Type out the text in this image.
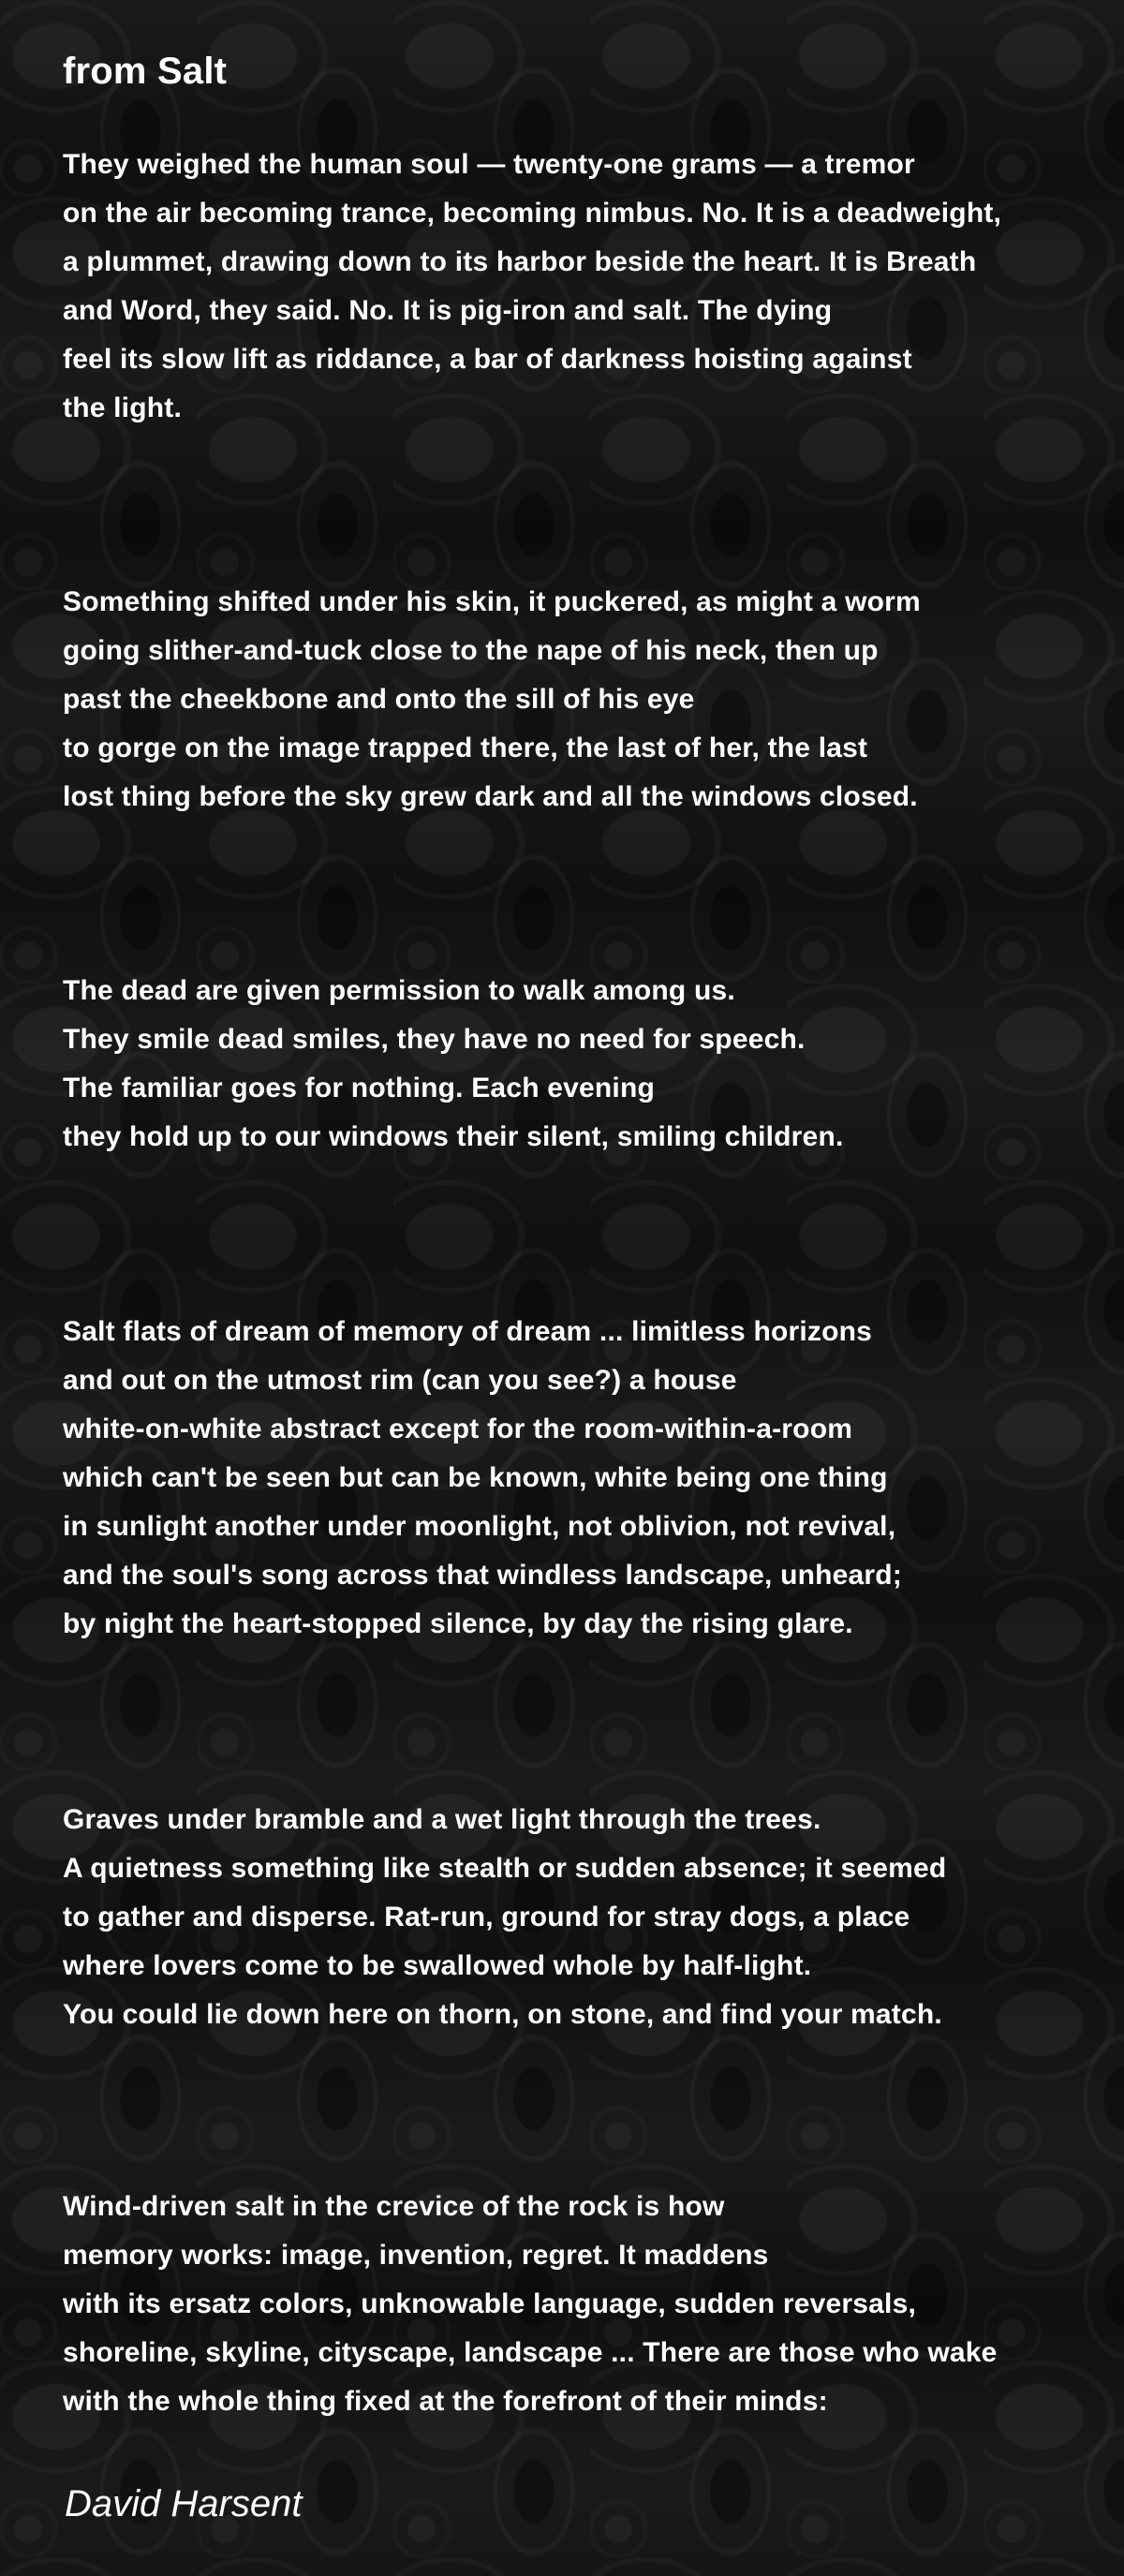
from Salt
They weighed the human soul — twenty-one grams — a tremor
on the air becoming trance, becoming nimbus. No. It is a deadweight,
a plummet, drawing down to its harbor beside the heart. It is Breath
and Word, they said. No. It is pig-iron and salt. The dying
feel its slow lift as riddance, a bar of darkness hoisting against
the light.
Something shifted under his skin, it puckered, as might a worm
going slither-and-tuck close to the nape of his neck, then up
past the cheekbone and onto the sill of his eye
to gorge on the image trapped there, the last of her, the last
lost thing before the sky grew dark and all the windows closed.
The dead are given permission to walk among us.
They smile dead smiles, they have no need for speech.
The familiar goes for nothing. Each evening
they hold up to our windows their silent, smiling children.
Salt flats of dream of memory of dream ... limitless horizons
and out on the utmost rim (can you see?) a house
white-on-white abstract except for the room-within-a-room
which can't be seen but can be known, white being one thing
in sunlight another under moonlight, not oblivion, not revival,
and the soul's song across that windless landscape, unheard;
by night the heart-stopped silence, by day the rising glare.
Graves under bramble and a wet light through the trees.
A quietness something like stealth or sudden absence; it seemed
to gather and disperse. Rat-run, ground for stray dogs, a place
where lovers come to be swallowed whole by half-light.
You could lie down here on thorn, on stone, and find your match.
Wind-driven salt in the crevice of the rock is how
memory works: image, invention, regret. It maddens
with its ersatz colors, unknowable language, sudden reversals,
shoreline, skyline, cityscape, landscape ... There are those who wake
with the whole thing fixed at the forefront of their minds:

David Harsent
